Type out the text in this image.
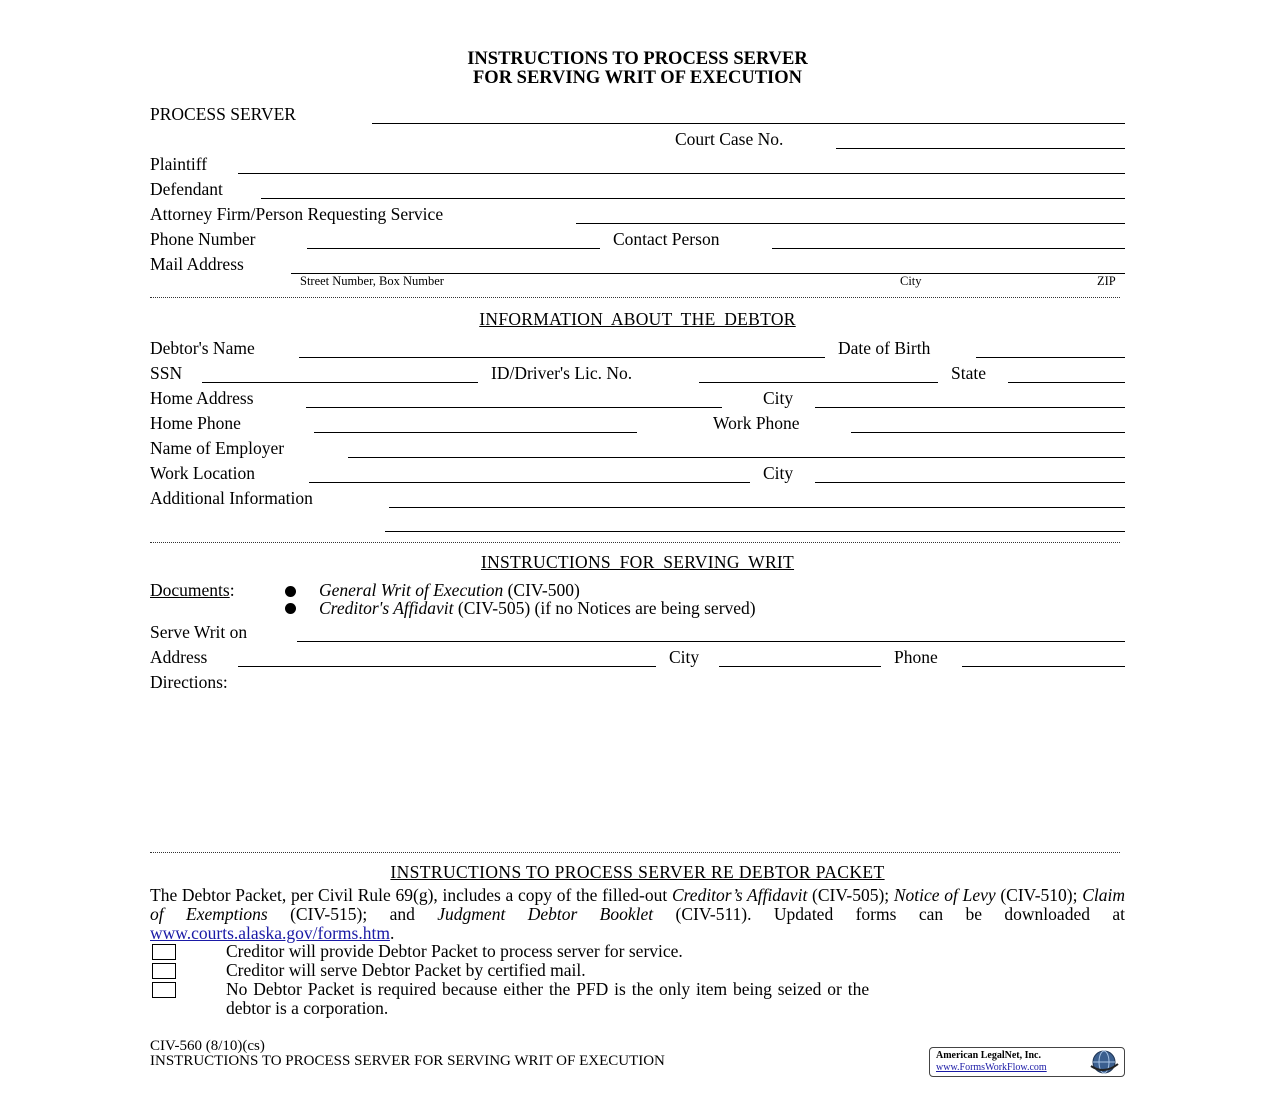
INSTRUCTIONS TO PROCESS SERVER
FOR SERVING WRIT OF EXECUTION
PROCESS SERVER
Court Case No.
Plaintiff
Defendant
Attorney Firm/Person Requesting Service
Phone Number	Contact Person
Mail Address
Street Number, Box Number	City	ZIP
INFORMATION ABOUT THE DEBTOR
Debtor's Name	Date of Birth
SSN	ID/Driver's Lic. No.	State
Home Address	City
Home Phone	Work Phone
Name of Employer
Work Location	City
Additional Information
INSTRUCTIONS FOR SERVING WRIT
Documents:	General Writ of Execution (CIV-500)
Creditor's Affidavit (CIV-505) (if no Notices are being served)
Serve Writ on
Address	City	Phone
Directions:
INSTRUCTIONS TO PROCESS SERVER RE DEBTOR PACKET
The Debtor Packet, per Civil Rule 69(g), includes a copy of the filled-out Creditor’s Affidavit (CIV-505); Notice of Levy (CIV-510); Claim of Exemptions (CIV-515); and Judgment Debtor Booklet (CIV-511). Updated forms can be downloaded at www.courts.alaska.gov/forms.htm.
Creditor will provide Debtor Packet to process server for service.
Creditor will serve Debtor Packet by certified mail.
No Debtor Packet is required because either the PFD is the only item being seized or the
debtor is a corporation.
CIV-560 (8/10)(cs)
INSTRUCTIONS TO PROCESS SERVER FOR SERVING WRIT OF EXECUTION	American LegalNet, Inc.
www.FormsWorkFlow.com
